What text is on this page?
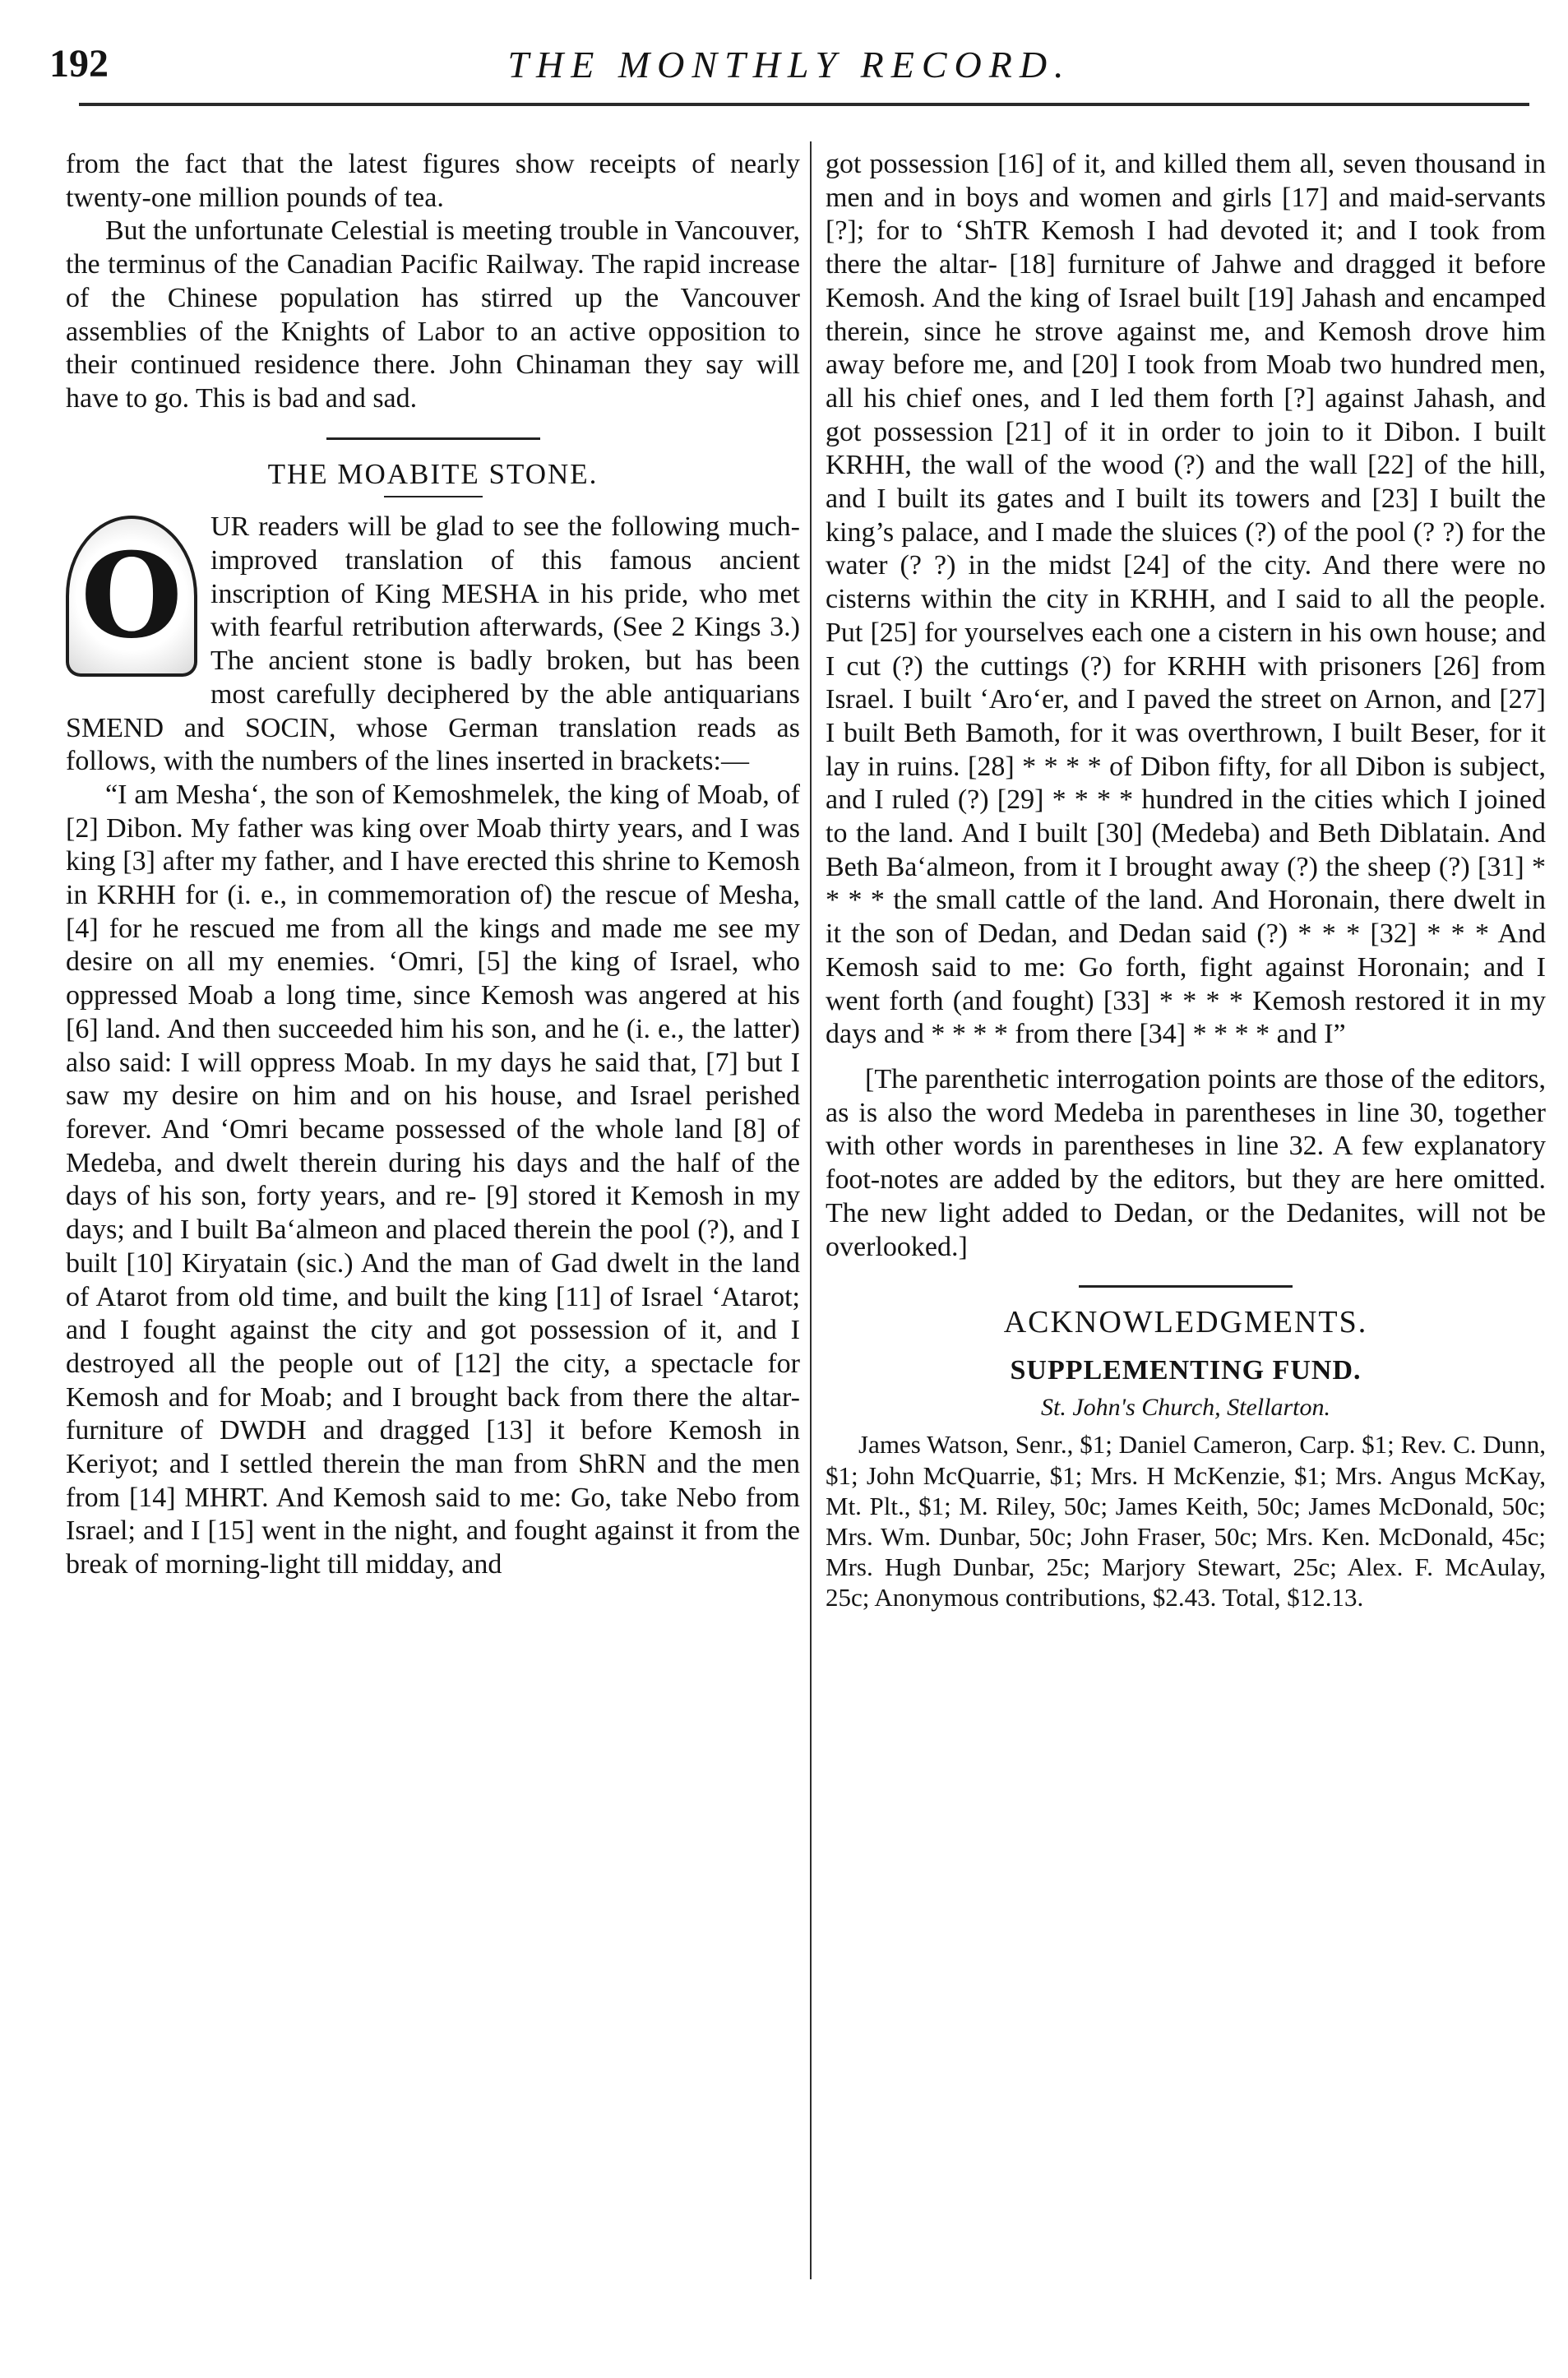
192	THE MONTHLY RECORD.

from the fact that the latest figures show receipts of nearly twenty-one million pounds of tea.

But the unfortunate Celestial is meeting trouble in Vancouver, the terminus of the Canadian Pacific Railway. The rapid increase of the Chinese population has stirred up the Vancouver assemblies of the Knights of Labor to an active opposition to their continued residence there. John Chinaman they say will have to go. This is bad and sad.

THE MOABITE STONE.
O

UR readers will be glad to see the following much-improved translation of this famous ancient inscription of King MESHA in his pride, who met with fearful retribution afterwards, (See 2 Kings 3.) The ancient stone is badly broken, but has been most carefully deciphered by the able antiquarians SMEND and SOCIN, whose German translation reads as follows, with the numbers of the lines inserted in brackets:—

“I am Mesha‘, the son of Kemoshmelek, the king of Moab, of [2] Dibon. My father was king over Moab thirty years, and I was king [3] after my father, and I have erected this shrine to Kemosh in KRHH for (i. e., in commemoration of) the rescue of Mesha, [4] for he rescued me from all the kings and made me see my desire on all my enemies. ‘Omri, [5] the king of Israel, who oppressed Moab a long time, since Kemosh was angered at his [6] land. And then succeeded him his son, and he (i. e., the latter) also said: I will oppress Moab. In my days he said that, [7] but I saw my desire on him and on his house, and Israel perished forever. And ‘Omri became possessed of the whole land [8] of Medeba, and dwelt therein during his days and the half of the days of his son, forty years, and re- [9] stored it Kemosh in my days; and I built Ba‘almeon and placed therein the pool (?), and I built [10] Kiryatain (sic.) And the man of Gad dwelt in the land of Atarot from old time, and built the king [11] of Israel ‘Atarot; and I fought against the city and got possession of it, and I destroyed all the people out of [12] the city, a spectacle for Kemosh and for Moab; and I brought back from there the altar-furniture of DWDH and dragged [13] it before Kemosh in Keriyot; and I settled therein the man from ShRN and the men from [14] MHRT. And Kemosh said to me: Go, take Nebo from Israel; and I [15] went in the night, and fought against it from the break of morning-light till midday, and

got possession [16] of it, and killed them all, seven thousand in men and in boys and women and girls [17] and maid-servants [?]; for to ‘ShTR Kemosh I had devoted it; and I took from there the altar- [18] furniture of Jahwe and dragged it before Kemosh. And the king of Israel built [19] Jahash and encamped therein, since he strove against me, and Kemosh drove him away before me, and [20] I took from Moab two hundred men, all his chief ones, and I led them forth [?] against Jahash, and got possession [21] of it in order to join to it Dibon. I built KRHH, the wall of the wood (?) and the wall [22] of the hill, and I built its gates and I built its towers and [23] I built the king’s palace, and I made the sluices (?) of the pool (? ?) for the water (? ?) in the midst [24] of the city. And there were no cisterns within the city in KRHH, and I said to all the people. Put [25] for yourselves each one a cistern in his own house; and I cut (?) the cuttings (?) for KRHH with prisoners [26] from Israel. I built ‘Aro‘er, and I paved the street on Arnon, and [27] I built Beth Bamoth, for it was overthrown, I built Beser, for it lay in ruins. [28] * * * * of Dibon fifty, for all Dibon is subject, and I ruled (?) [29] * * * * hundred in the cities which I joined to the land. And I built [30] (Medeba) and Beth Diblatain. And Beth Ba‘almeon, from it I brought away (?) the sheep (?) [31] * * * * the small cattle of the land. And Horonain, there dwelt in it the son of Dedan, and Dedan said (?) * * * [32] * * * And Kemosh said to me: Go forth, fight against Horonain; and I went forth (and fought) [33] * * * * Kemosh restored it in my days and * * * * from there [34] * * * * and I”

[The parenthetic interrogation points are those of the editors, as is also the word Medeba in parentheses in line 30, together with other words in parentheses in line 32. A few explanatory foot-notes are added by the editors, but they are here omitted. The new light added to Dedan, or the Dedanites, will not be overlooked.]

ACKNOWLEDGMENTS.
SUPPLEMENTING FUND.
St. John's Church, Stellarton.
James Watson, Senr., $1; Daniel Cameron, Carp. $1; Rev. C. Dunn, $1; John McQuarrie, $1; Mrs. H McKenzie, $1; Mrs. Angus McKay, Mt. Plt., $1; M. Riley, 50c; James Keith, 50c; James McDonald, 50c; Mrs. Wm. Dunbar, 50c; John Fraser, 50c; Mrs. Ken. McDonald, 45c; Mrs. Hugh Dunbar, 25c; Marjory Stewart, 25c; Alex. F. McAulay, 25c; Anonymous contributions, $2.43. Total, $12.13.
